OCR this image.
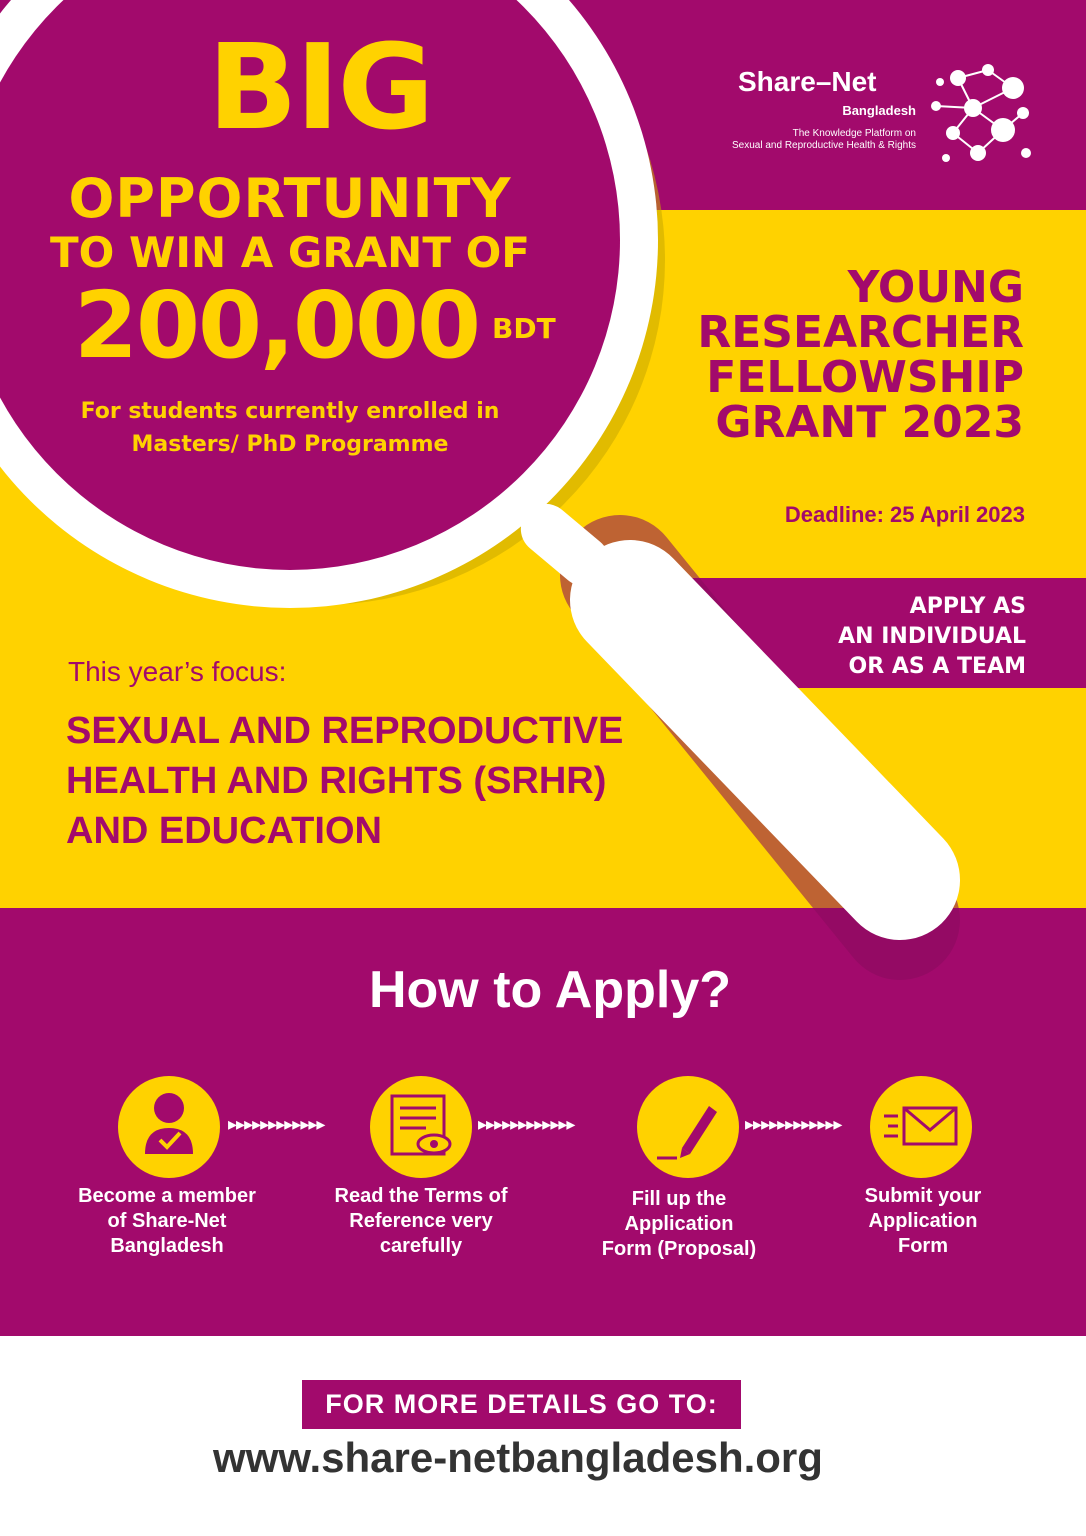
BIG
OPPORTUNITY
TO WIN A GRANT OF
200,000 BDT
For students currently enrolled in
Masters/ PhD Programme
Share–Net
Bangladesh
The Knowledge Platform on
Sexual and Reproductive Health & Rights
YOUNG
RESEARCHER
FELLOWSHIP
GRANT 2023
Deadline: 25 April 2023
APPLY AS
AN INDIVIDUAL
OR AS A TEAM
This year’s focus:
SEXUAL AND REPRODUCTIVE
HEALTH AND RIGHTS (SRHR)
AND EDUCATION
How to Apply?
▸▸▸▸▸▸▸▸▸▸▸▸	▸▸▸▸▸▸▸▸▸▸▸▸	▸▸▸▸▸▸▸▸▸▸▸▸
Become a member
of Share-Net
Bangladesh
Read the Terms of
Reference very
carefully
Fill up the
Application
Form (Proposal)
Submit your
Application
Form
FOR MORE DETAILS GO TO:
www.share-netbangladesh.org
